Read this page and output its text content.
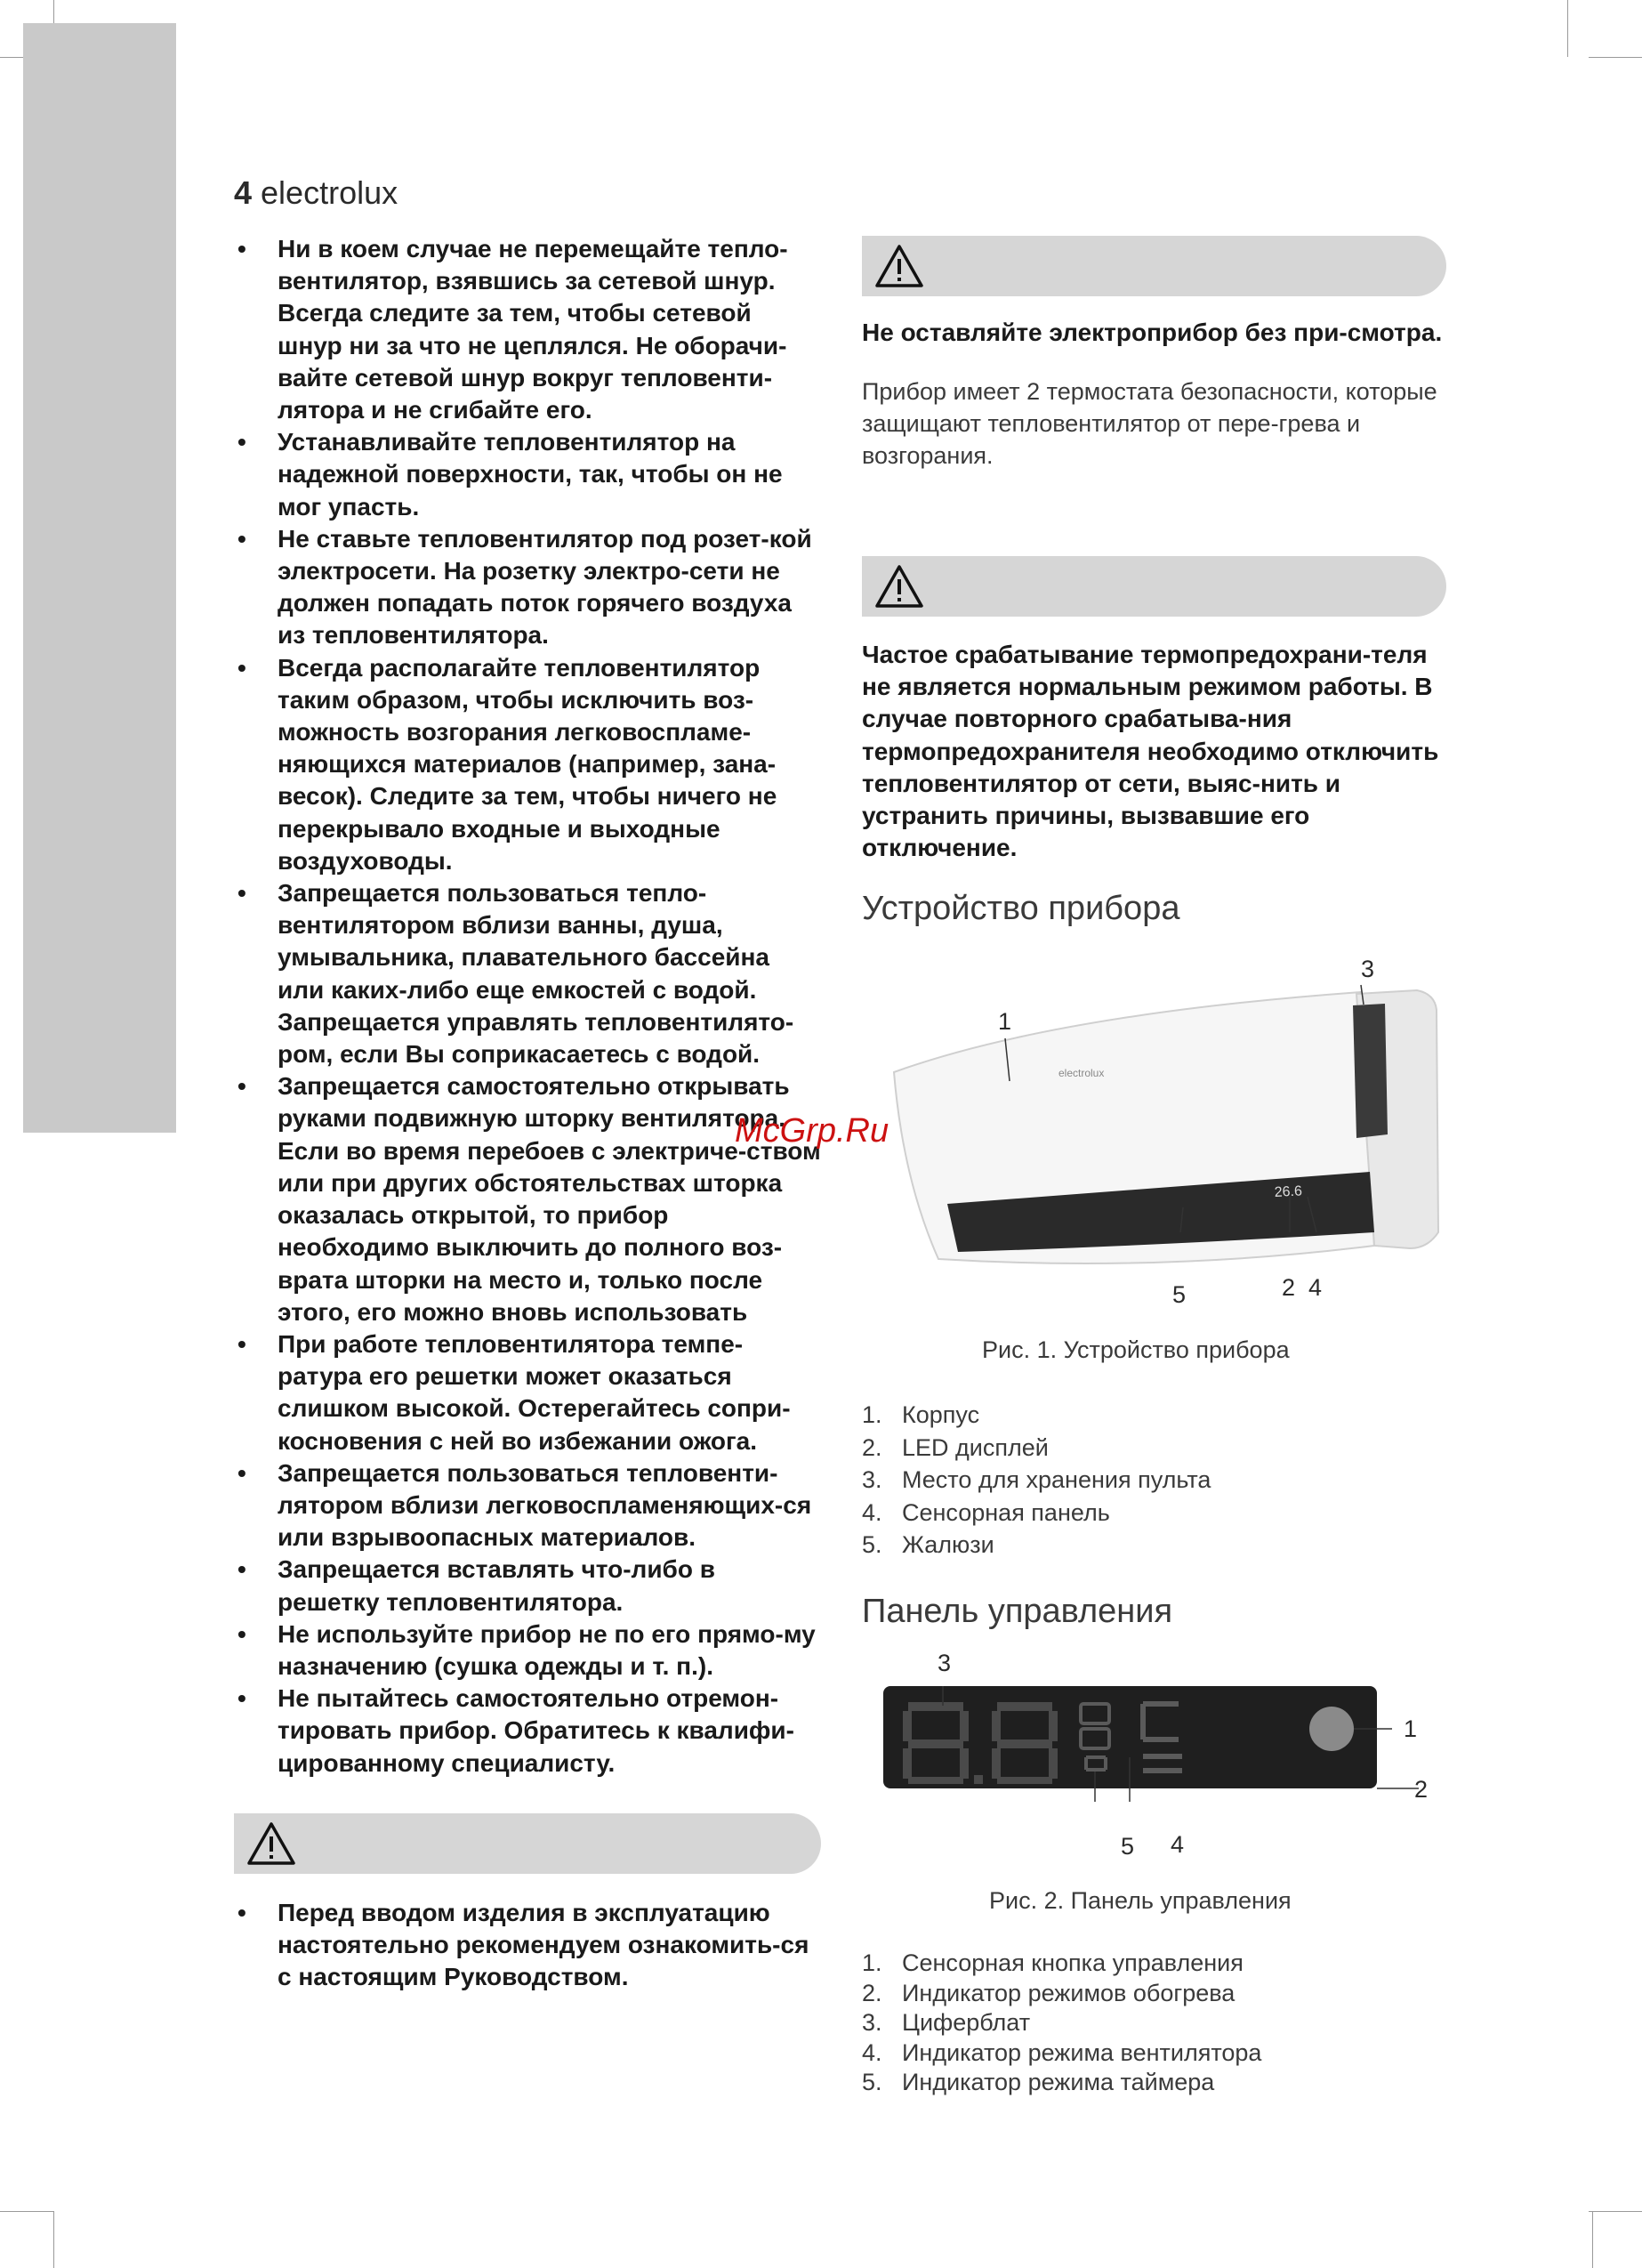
4 electrolux
• Ни в коем случае не перемещайте тепло-вентилятор, взявшись за сетевой шнур. Всегда следите за тем, чтобы сетевой шнур ни за что не цеплялся. Не оборачи-вайте сетевой шнур вокруг тепловенти-лятора и не сгибайте его.
• Устанавливайте тепловентилятор на надежной поверхности, так, чтобы он не мог упасть.
• Не ставьте тепловентилятор под розет-кой электросети. На розетку электро-сети не должен попадать поток горячего воздуха из тепловентилятора.
• Всегда располагайте тепловентилятор таким образом, чтобы исключить воз-можность возгорания легковоспламе-няющихся материалов (например, зана-весок). Следите за тем, чтобы ничего не перекрывало входные и выходные воздуховоды.
• Запрещается пользоваться тепло-вентилятором вблизи ванны, душа, умывальника, плавательного бассейна или каких-либо еще емкостей с водой. Запрещается управлять тепловентилято-ром, если Вы соприкасаетесь с водой.
• Запрещается самостоятельно открывать руками подвижную шторку вентилятора. Если во время перебоев с электриче-ством или при других обстоятельствах шторка оказалась открытой, то прибор необходимо выключить до полного воз-врата шторки на место и, только после этого, его можно вновь использовать
• При работе тепловентилятора темпе-ратура его решетки может оказаться слишком высокой. Остерегайтесь сопри-косновения с ней во избежании ожога.
• Запрещается пользоваться тепловенти-лятором вблизи легковоспламеняющих-ся или взрывоопасных материалов.
• Запрещается вставлять что-либо в решетку тепловентилятора.
• Не используйте прибор не по его прямо-му назначению (сушка одежды и т. п.).
• Не пытайтесь самостоятельно отремон-тировать прибор. Обратитесь к квалифи-цированному специалисту.
• Перед вводом изделия в эксплуатацию настоятельно рекомендуем ознакомить-ся с настоящим Руководством.

Не оставляйте электроприбор без при-смотра.

Прибор имеет 2 термостата безопасности, которые защищают тепловентилятор от пере-грева и возгорания.

Частое срабатывание термопредохрани-теля не является нормальным режимом работы. В случае повторного срабатыва-ния термопредохранителя необходимо отключить тепловентилятор от сети, выяс-нить и устранить причины, вызвавшие его отключение.

Устройство прибора
26.6
electrolux
1
3
5	2 4
Рис. 1. Устройство прибора
1. Корпус
2. LED дисплей
3. Место для хранения пульта
4. Сенсорная панель
5. Жалюзи
Панель управления
3
1
2
5 4
Рис. 2. Панель управления
1. Сенсорная кнопка управления
2. Индикатор режимов обогрева
3. Циферблат
4. Индикатор режима вентилятора
5. Индикатор режима таймера
McGrp.Ru
